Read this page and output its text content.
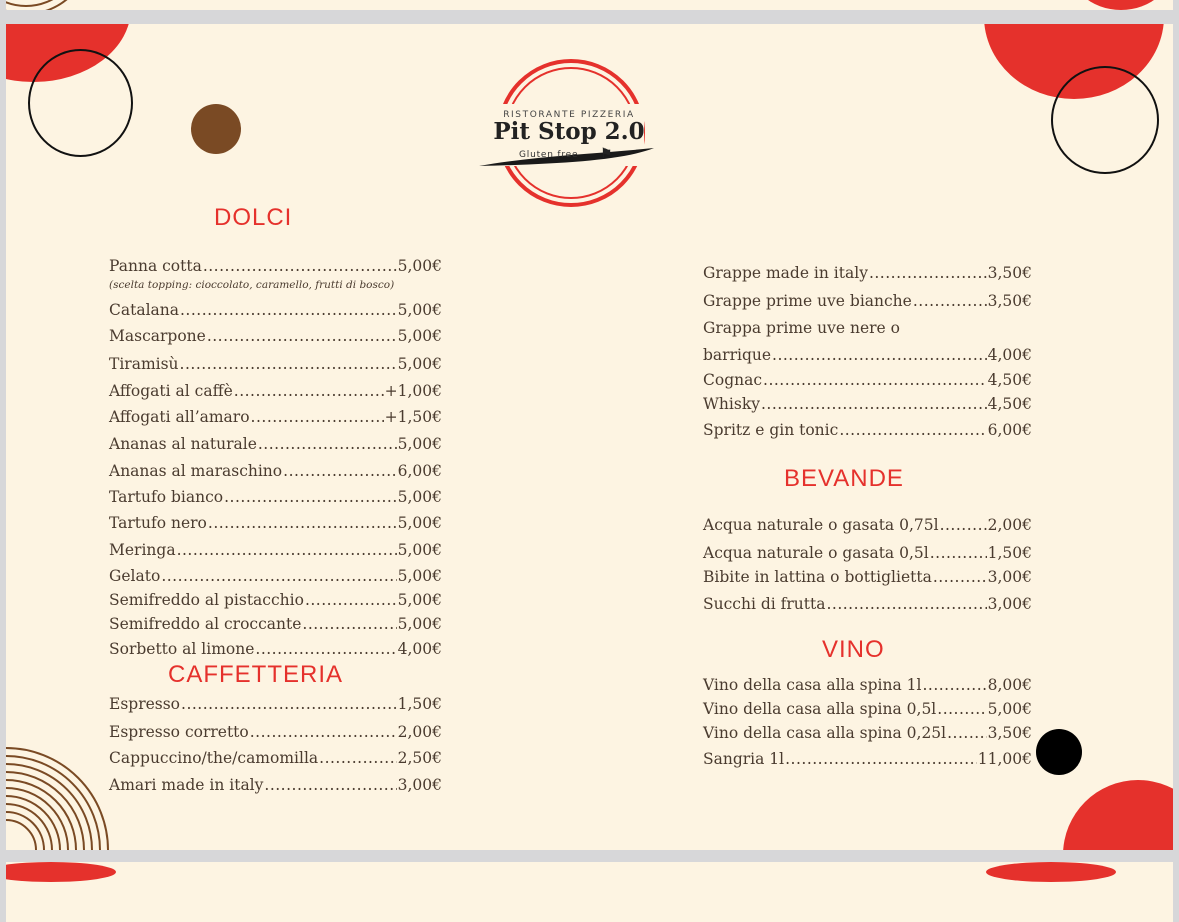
RISTORANTE PIZZERIA
Pit Stop 2.0
Gluten free ⚑
DOLCI
Panna cotta .....	5,00€
(scelta topping: cioccolato, caramello, frutti di bosco)
Catalana .....	5,00€
Mascarpone .....	5,00€
Tiramisù .....	5,00€
Affogati al caffè .....	+1,00€
Affogati all’amaro .....	+1,50€
Ananas al naturale .....	5,00€
Ananas al maraschino .....	6,00€
Tartufo bianco .....	5,00€
Tartufo nero .....	5,00€
Meringa .....	5,00€
Gelato .....	5,00€
Semifreddo al pistacchio .....	5,00€
Semifreddo al croccante .....	5,00€
Sorbetto al limone .....	4,00€
CAFFETTERIA
Espresso .....	1,50€
Espresso corretto .....	2,00€
Cappuccino/the/camomilla .....	2,50€
Amari made in italy .....	3,00€
Grappe made in italy .....	3,50€
Grappe prime uve bianche .....	3,50€
Grappa prime uve nere o
barrique .....	4,00€
Cognac .....	4,50€
Whisky .....	4,50€
Spritz e gin tonic .....	6,00€
BEVANDE
Acqua naturale o gasata 0,75l .....	2,00€
Acqua naturale o gasata 0,5l .....	1,50€
Bibite in lattina o bottiglietta .....	3,00€
Succhi di frutta .....	3,00€
VINO
Vino della casa alla spina 1l .....	8,00€
Vino della casa alla spina 0,5l .....	5,00€
Vino della casa alla spina 0,25l .....	3,50€
Sangria 1l .....	11,00€
